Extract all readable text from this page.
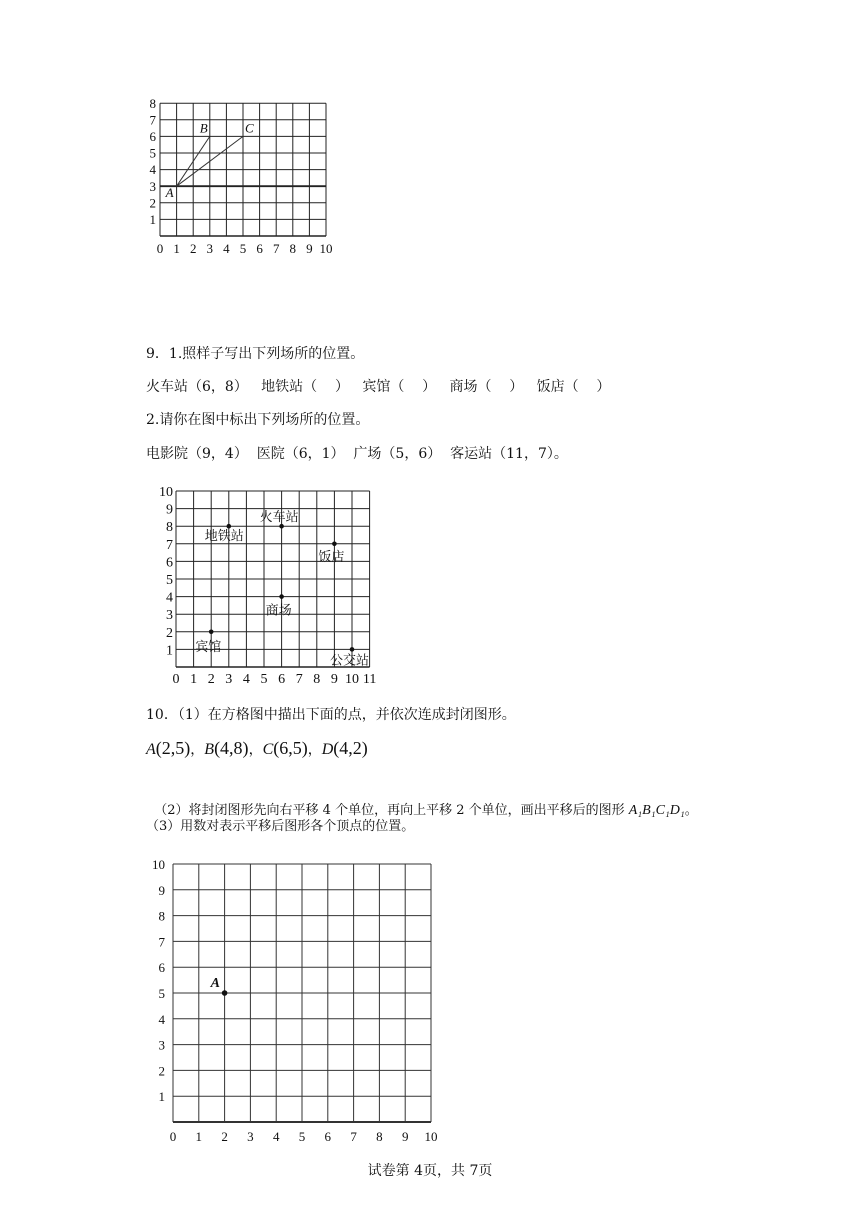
0 1 2 3 4 5 6 7 8 9 10
1
2
3
4
5
6
7
8
A
B	C
9．1.照样子写出下列场所的位置。
火车站（6，8）   地铁站（    ）   宾馆（    ）   商场（    ）   饭店（    ）
2.请你在图中标出下列场所的位置。
电影院（9，4）  医院（6，1）  广场（5，6）  客运站（11，7）。
0 1 2 3 4 5 6 7 8 9 10 11
1
2
3
4
5
6
7
8
9
10
火车站
地铁站
饭店
商场
宾馆
公交站
10．（1）在方格图中描出下面的点，并依次连成封闭图形。
A(2,5)，B(4,8)，C(6,5)，D(4,2)

（2）将封闭图形先向右平移 4 个单位，再向上平移 2 个单位，画出平移后的图形 A₁B₁C₁D₁。

（3）用数对表示平移后图形各个顶点的位置。
0 1 2 3 4 5 6 7 8 9 10
1
2
3
4
5
6
7
8
9
10
A
试卷第 4页，共 7页
